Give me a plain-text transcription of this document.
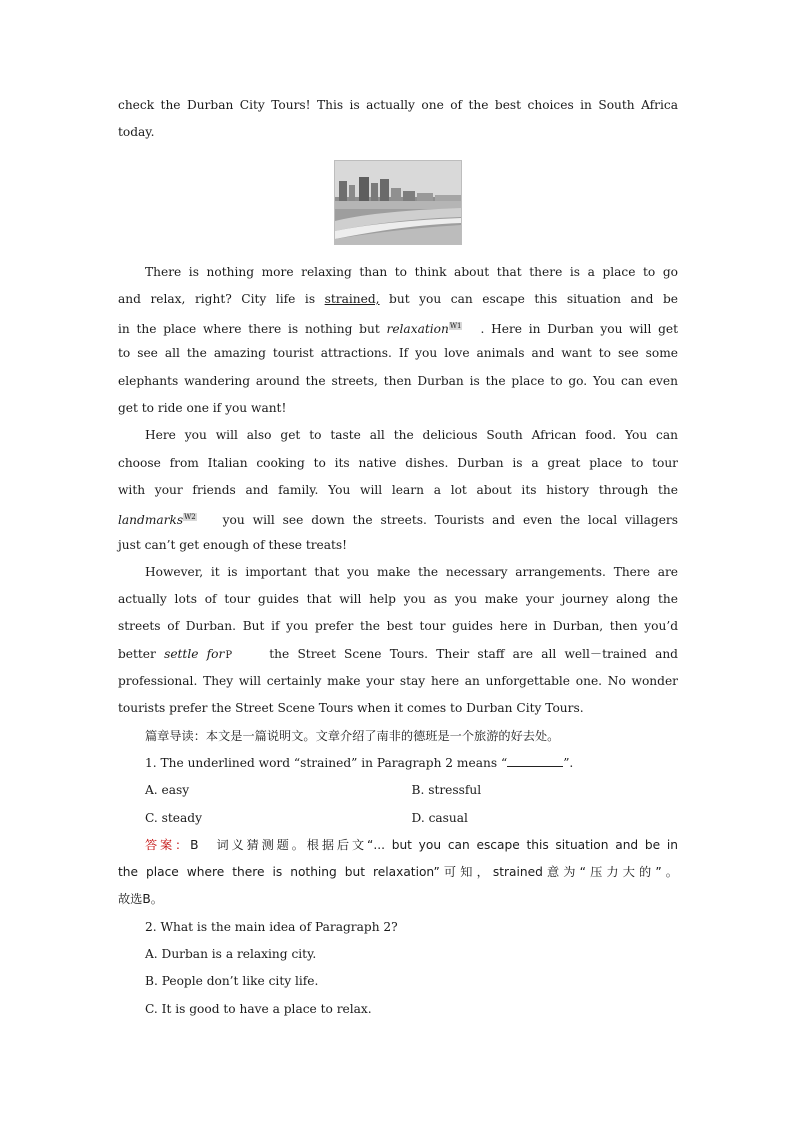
check the Durban City Tours! This is actually one of the best choices in South Africa
today.
There is nothing more relaxing than to think about that there is a place to go
and relax, right? City life is strained, but you can escape this situation and be
in the place where there is nothing but relaxation$^{W1}$ . Here in Durban you will get
to see all the amazing tourist attractions. If you love animals and want to see some
elephants wandering around the streets, then Durban is the place to go. You can even
get to ride one if you want!
Here you will also get to taste all the delicious South African food. You can
choose from Italian cooking to its native dishes. Durban is a great place to tour
with your friends and family. You will learn a lot about its history through the
landmarks$^{W2}$ you will see down the streets. Tourists and even the local villagers
just can’t get enough of these treats!
However, it is important that you make the necessary arrangements. There are
actually lots of tour guides that will help you as you make your journey along the
streets of Durban. But if you prefer the best tour guides here in Durban, then you’d
better settle forP the Street Scene Tours. Their staff are all well－trained and
professional. They will certainly make your stay here an unforgettable one. No wonder
tourists prefer the Street Scene Tours when it comes to Durban City Tours.
篇章导读：本文是一篇说明文。文章介绍了南非的德班是一个旅游的好去处。
1. The underlined word “strained” in Paragraph 2 means “	”.
A. easy	B. stressful
C. steady	D. casual
答案：B　词义猜测题。根据后文“... but you can escape this situation and be in
the place where there is nothing but relaxation”可知，strained意为“压力大的”。
故选B。
2. What is the main idea of Paragraph 2?
A. Durban is a relaxing city.
B. People don’t like city life.
C. It is good to have a place to relax.
